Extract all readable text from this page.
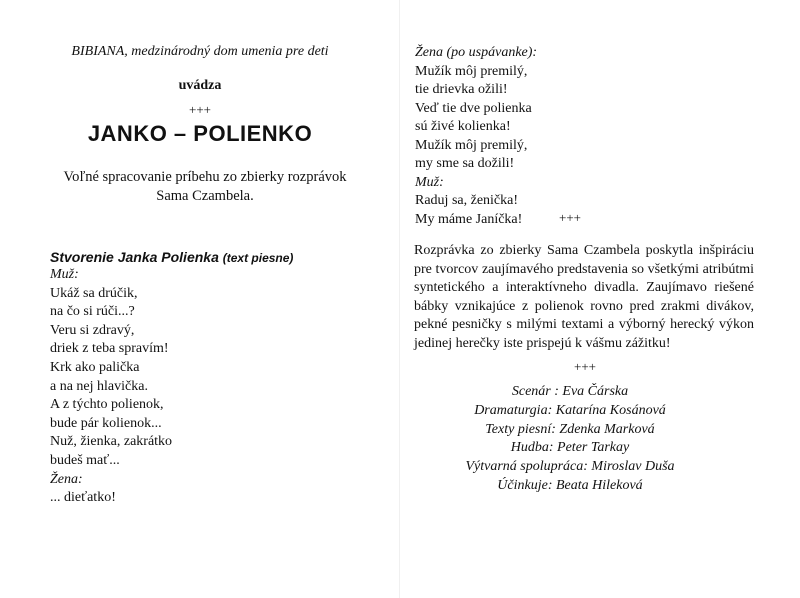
BIBIANA, medzinárodný dom umenia pre deti
uvádza
+++
JANKO – POLIENKO
Voľné spracovanie príbehu zo zbierky rozprávok
Sama Czambela.
Stvorenie Janka Polienka (text piesne)
Muž:
Ukáž sa drúčik,
na čo si rúči...?
Veru si zdravý,
driek z teba spravím!
Krk ako palička
a na nej hlavička.
A z týchto polienok,
bude pár kolienok...
Nuž, žienka, zakrátko
budeš mať...
Žena:
... dieťatko!
Žena (po uspávanke):
Mužík môj premilý,
tie drievka ožili!
Veď tie dve polienka
sú živé kolienka!
Mužík môj premilý,
my sme sa dožili!
Muž:
Raduj sa, ženička!
My máme Janíčka!	+++

Rozprávka zo zbierky Sama Czambela poskytla inšpiráciu pre tvorcov zaujímavého predstavenia so všetkými atribútmi syntetického a interaktívneho divadla. Zaujímavo riešené bábky vznikajúce z polienok rovno pred zrakmi divákov, pekné pesničky s milými textami a výborný herecký výkon jedinej herečky iste prispejú k vášmu zážitku!

+++
Scenár : Eva Čárska
Dramaturgia: Katarína Kosánová
Texty piesní: Zdenka Marková
Hudba: Peter Tarkay
Výtvarná spolupráca: Miroslav Duša
Účinkuje: Beata Hileková
